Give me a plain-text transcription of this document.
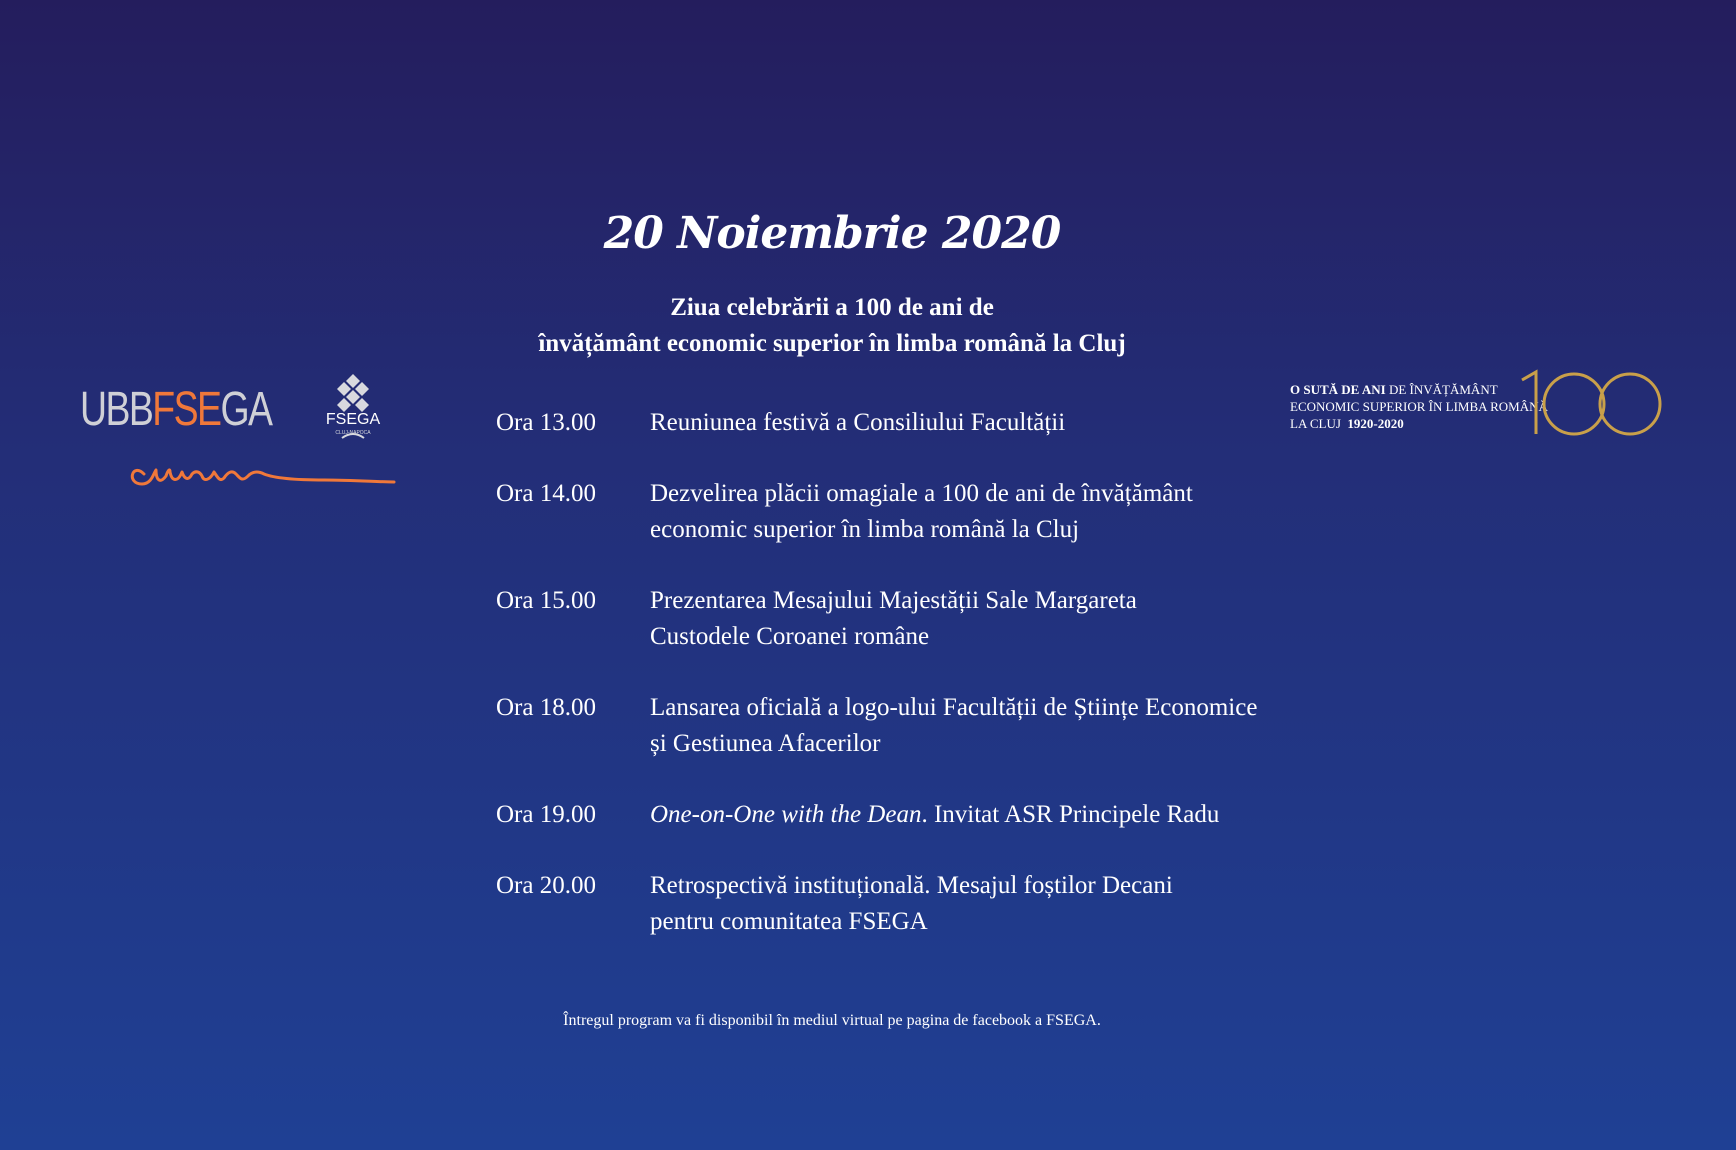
20 Noiembrie 2020
Ziua celebrării a 100 de ani de
învățământ economic superior în limba română la Cluj
UBBFSEGA	FSEGA
CLUJ-NAPOCA
Cuvine
O SUTĂ DE ANI DE ÎNVĂȚĂMÂNT
ECONOMIC SUPERIOR ÎN LIMBA ROMÂNĂ
LA CLUJ 1920-2020
100
Ora 13.00	Reuniunea festivă a Consiliului Facultății
Ora 14.00	Dezvelirea plăcii omagiale a 100 de ani de învățământ
economic superior în limba română la Cluj
Ora 15.00	Prezentarea Mesajului Majestății Sale Margareta
Custodele Coroanei române
Ora 18.00	Lansarea oficială a logo-ului Facultății de Științe Economice
și Gestiunea Afacerilor
Ora 19.00	One-on-One with the Dean. Invitat ASR Principele Radu
Ora 20.00	Retrospectivă instituțională. Mesajul foștilor Decani
pentru comunitatea FSEGA
Întregul program va fi disponibil în mediul virtual pe pagina de facebook a FSEGA.
